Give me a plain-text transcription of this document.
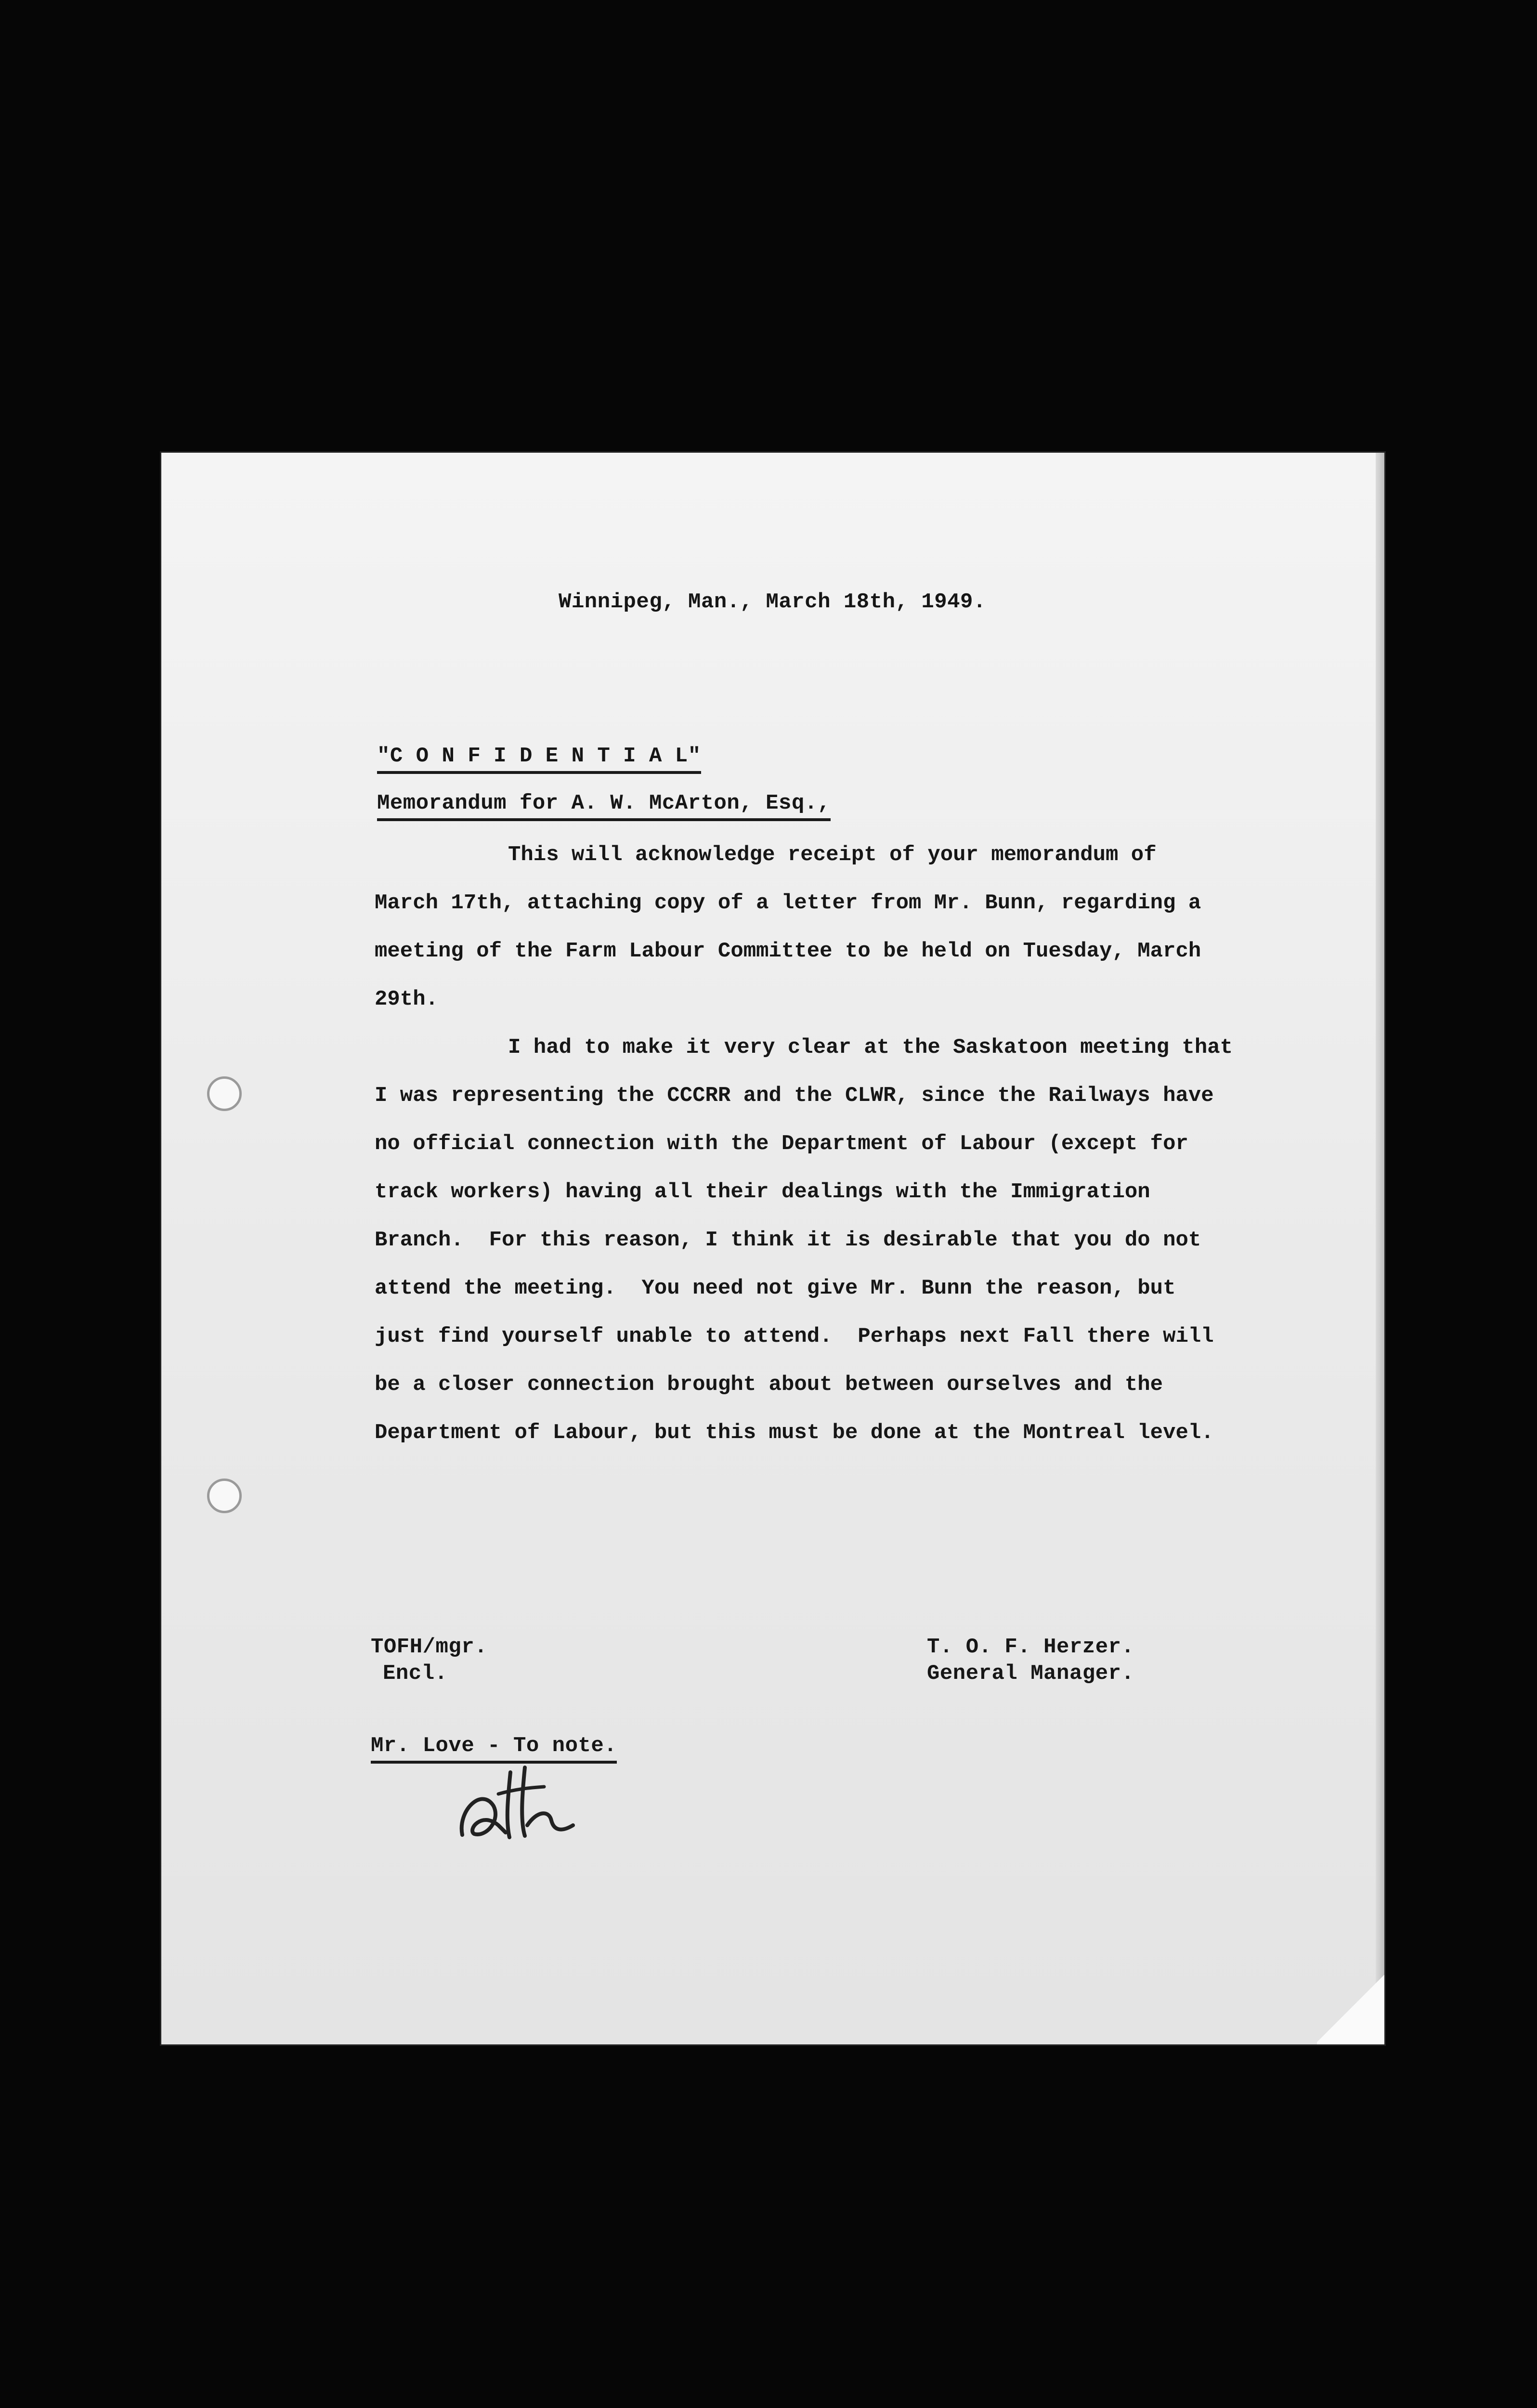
Winnipeg, Man., March 18th, 1949.
"C O N F I D E N T I A L"
Memorandum for A. W. McArton, Esq.,
This will acknowledge receipt of your memorandum of
March 17th, attaching copy of a letter from Mr. Bunn, regarding a
meeting of the Farm Labour Committee to be held on Tuesday, March
29th.
I had to make it very clear at the Saskatoon meeting that
I was representing the CCCRR and the CLWR, since the Railways have
no official connection with the Department of Labour (except for
track workers) having all their dealings with the Immigration
Branch.  For this reason, I think it is desirable that you do not
attend the meeting.  You need not give Mr. Bunn the reason, but
just find yourself unable to attend.  Perhaps next Fall there will
be a closer connection brought about between ourselves and the
Department of Labour, but this must be done at the Montreal level.
TOFH/mgr.
Encl.
T. O. F. Herzer.
General Manager.
Mr. Love - To note.
